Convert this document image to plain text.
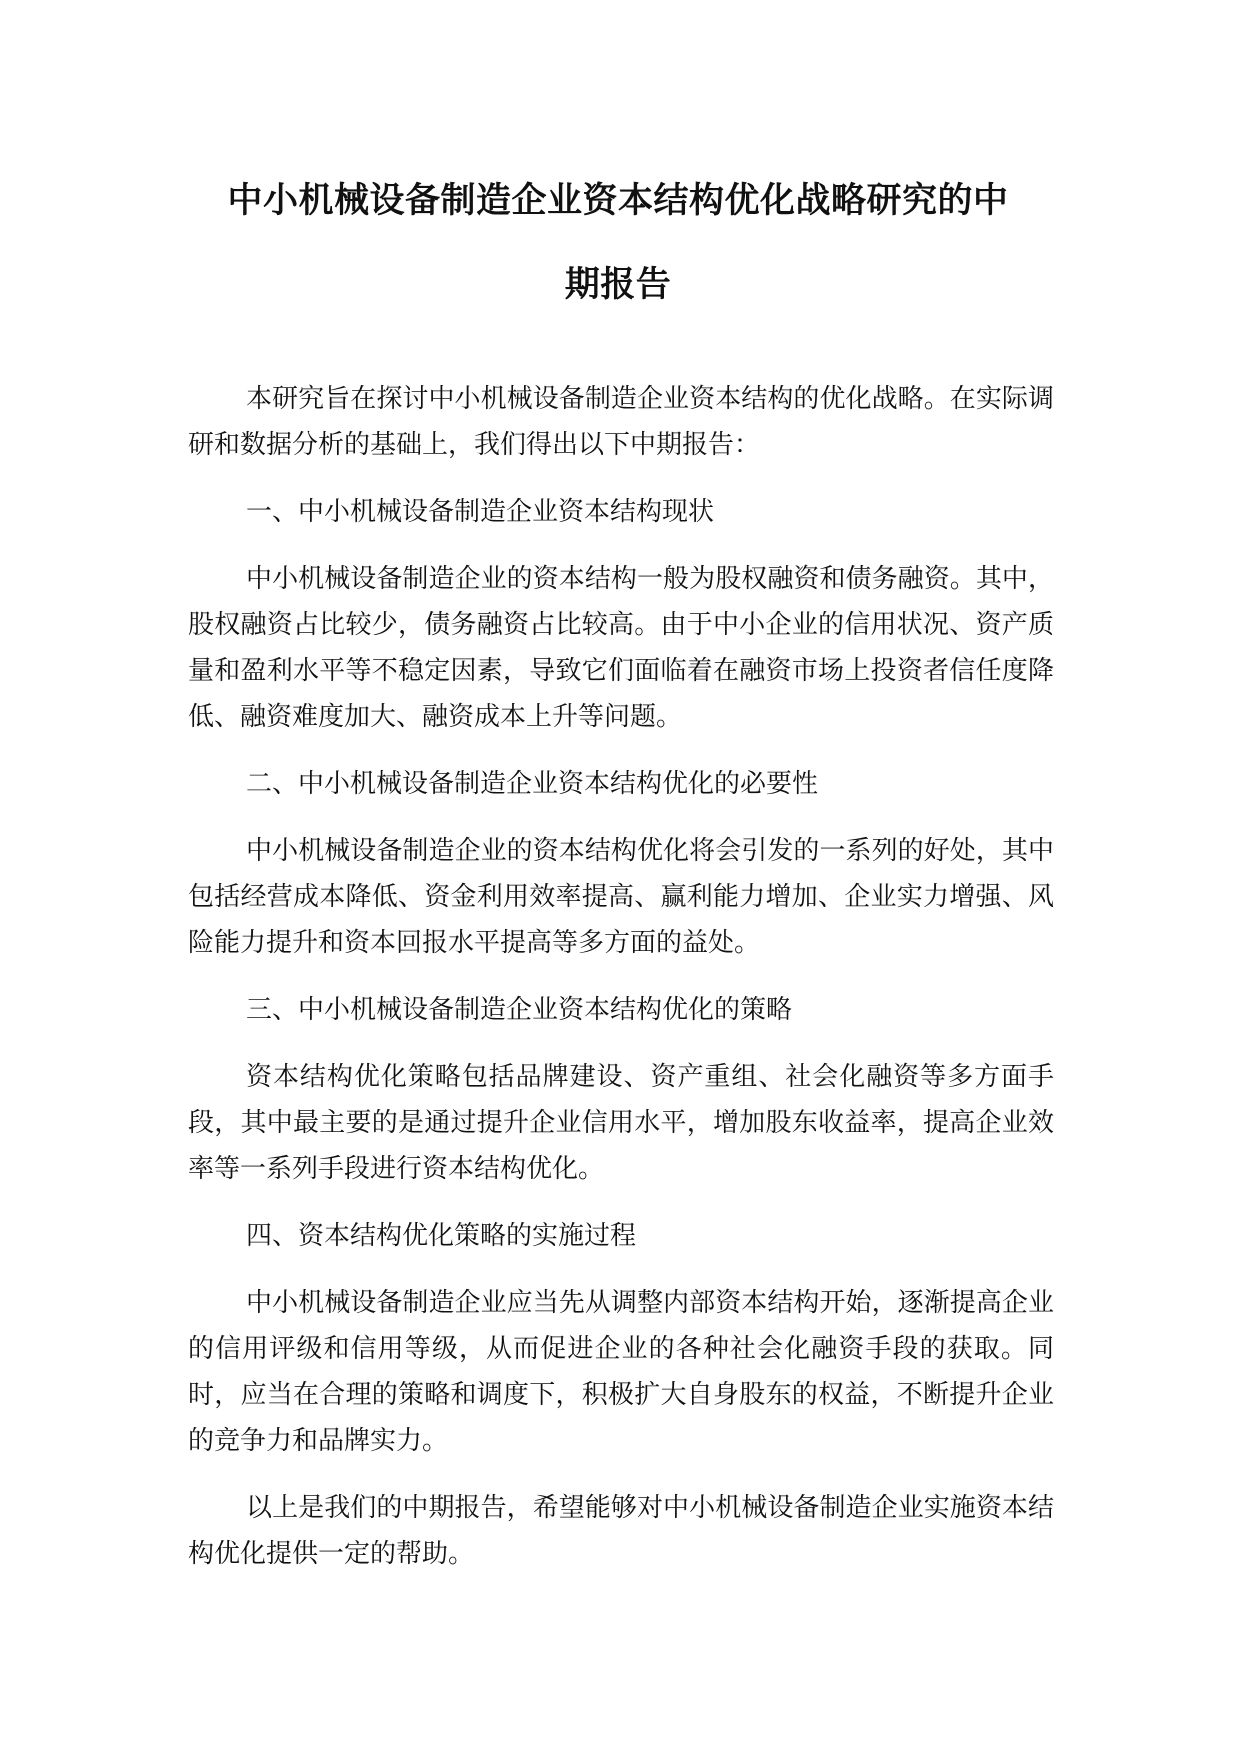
中小机械设备制造企业资本结构优化战略研究的中
期报告

本研究旨在探讨中小机械设备制造企业资本结构的优化战略。在实际调研和数据分析的基础上，我们得出以下中期报告：

一、中小机械设备制造企业资本结构现状

中小机械设备制造企业的资本结构一般为股权融资和债务融资。其中，股权融资占比较少，债务融资占比较高。由于中小企业的信用状况、资产质量和盈利水平等不稳定因素，导致它们面临着在融资市场上投资者信任度降低、融资难度加大、融资成本上升等问题。

二、中小机械设备制造企业资本结构优化的必要性

中小机械设备制造企业的资本结构优化将会引发的一系列的好处，其中包括经营成本降低、资金利用效率提高、赢利能力增加、企业实力增强、风险能力提升和资本回报水平提高等多方面的益处。

三、中小机械设备制造企业资本结构优化的策略

资本结构优化策略包括品牌建设、资产重组、社会化融资等多方面手段，其中最主要的是通过提升企业信用水平，增加股东收益率，提高企业效率等一系列手段进行资本结构优化。

四、资本结构优化策略的实施过程

中小机械设备制造企业应当先从调整内部资本结构开始，逐渐提高企业的信用评级和信用等级，从而促进企业的各种社会化融资手段的获取。同时，应当在合理的策略和调度下，积极扩大自身股东的权益，不断提升企业的竞争力和品牌实力。

以上是我们的中期报告，希望能够对中小机械设备制造企业实施资本结构优化提供一定的帮助。
